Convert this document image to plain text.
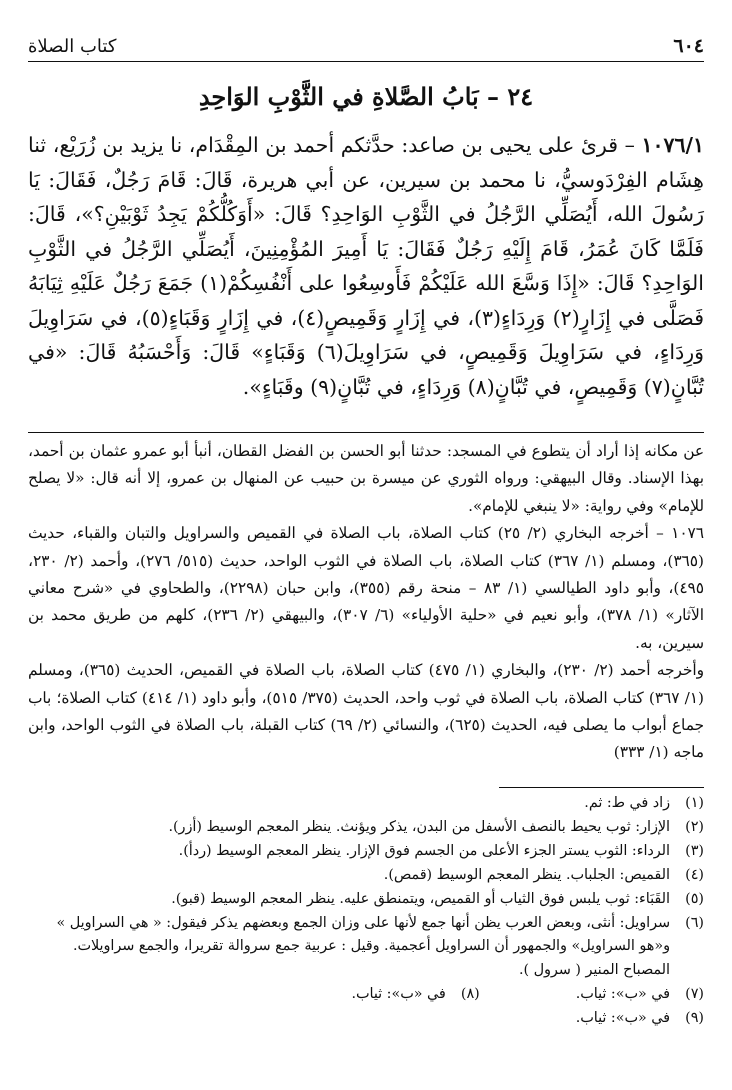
٦٠٤
كتاب الصلاة
٢٤ – بَابُ الصَّلاةِ في الثَّوْبِ الوَاحِدِ

١٠٧٦/١ – قرئ على يحيى بن صاعد: حدَّثكم أحمد بن المِقْدَام، نا يزيد بن زُرَيْع، ثنا هِشَام الفِرْدَوسيُّ، نا محمد بن سيرين، عن أبي هريرة، قَالَ: قَامَ رَجُلٌ، فَقَالَ: يَا رَسُولَ الله، أَيُصَلِّي الرَّجُلُ في الثَّوْبِ الوَاحِدِ؟ قَالَ: «أَوَكُلُّكُمْ يَجِدُ ثَوْبَيْنِ؟»، قَالَ: فَلَمَّا كَانَ عُمَرُ، قَامَ إِلَيْهِ رَجُلٌ فَقَالَ: يَا أَمِيرَ المُؤْمِنِينَ، أَيُصَلِّي الرَّجُلُ في الثَّوْبِ الوَاحِدِ؟ قَالَ: «إِذَا وَسَّعَ الله عَلَيْكُمْ فَأَوسِعُوا على أَنْفُسِكُمْ(١) جَمَعَ رَجُلٌ عَلَيْهِ ثِيَابَهُ فَصَلَّى في إِزَارٍ(٢) وَرِدَاءٍ(٣)، في إِزَارٍ وَقَمِيصٍ(٤)، في إِزَارٍ وَقَبَاءٍ(٥)، في سَرَاوِيلَ وَرِدَاءٍ، في سَرَاوِيلَ وَقَمِيصٍ، في سَرَاوِيلَ(٦) وَقَبَاءٍ» قَالَ: وَأَحْسَبُهُ قَالَ: «في تُبَّانٍ(٧) وَقَمِيصٍ، في تُبَّانٍ(٨) وَرِدَاءٍ، في تُبَّانٍ(٩) وقَبَاءٍ».

عن مكانه إذا أراد أن يتطوع في المسجد: حدثنا أبو الحسن بن الفضل القطان، أنبأ أبو عمرو عثمان بن أحمد، بهذا الإسناد. وقال البيهقي: ورواه الثوري عن ميسرة بن حبيب عن المنهال بن عمرو، إلا أنه قال: «لا يصلح للإمام» وفي رواية: «لا ينبغي للإمام».

١٠٧٦ – أخرجه البخاري (٢/ ٢٥) كتاب الصلاة، باب الصلاة في القميص والسراويل والتبان والقباء، حديث (٣٦٥)، ومسلم (١/ ٣٦٧) كتاب الصلاة، باب الصلاة في الثوب الواحد، حديث (٥١٥/ ٢٧٦)، وأحمد (٢/ ٢٣٠، ٤٩٥)، وأبو داود الطيالسي (١/ ٨٣ – منحة رقم (٣٥٥)، وابن حبان (٢٢٩٨)، والطحاوي في «شرح معاني الآثار» (١/ ٣٧٨)، وأبو نعيم في «حلية الأولياء» (٦/ ٣٠٧)، والبيهقي (٢/ ٢٣٦)، كلهم من طريق محمد بن سيرين، به.

وأخرجه أحمد (٢/ ٢٣٠)، والبخاري (١/ ٤٧٥) كتاب الصلاة، باب الصلاة في القميص، الحديث (٣٦٥)، ومسلم (١/ ٣٦٧) كتاب الصلاة، باب الصلاة في ثوب واحد، الحديث (٣٧٥/ ٥١٥)، وأبو داود (١/ ٤١٤) كتاب الصلاة؛ باب جماع أبواب ما يصلى فيه، الحديث (٦٢٥)، والنسائي (٢/ ٦٩) كتاب القبلة، باب الصلاة في الثوب الواحد، وابن ماجه (١/ ٣٣٣)

(١)
زاد في ط: ثم.
(٢)
الإزار: ثوب يحيط بالنصف الأسفل من البدن، يذكر ويؤنث. ينظر المعجم الوسيط (أزر).
(٣)
الرداء: الثوب يستر الجزء الأعلى من الجسم فوق الإزار. ينظر المعجم الوسيط (ردأ).
(٤)
القميص: الجلباب. ينظر المعجم الوسيط (قمص).
(٥)
القَبَاء: ثوب يلبس فوق الثياب أو القميص، ويتمنطق عليه. ينظر المعجم الوسيط (قبو).
(٦)
سراويل: أنثى، وبعض العرب يظن أنها جمع لأنها على وزان الجمع وبعضهم يذكر فيقول: « هي السراويل » و«هو السراويل» والجمهور أن السراويل أعجمية. وقيل : عربية جمع سروالة تقريرا، والجمع سراويلات. المصباح المنير ( سرول ).
(٧)
في «ب»: ثياب.
(٨)
في «ب»: ثياب.
(٩)
في «ب»: ثياب.
